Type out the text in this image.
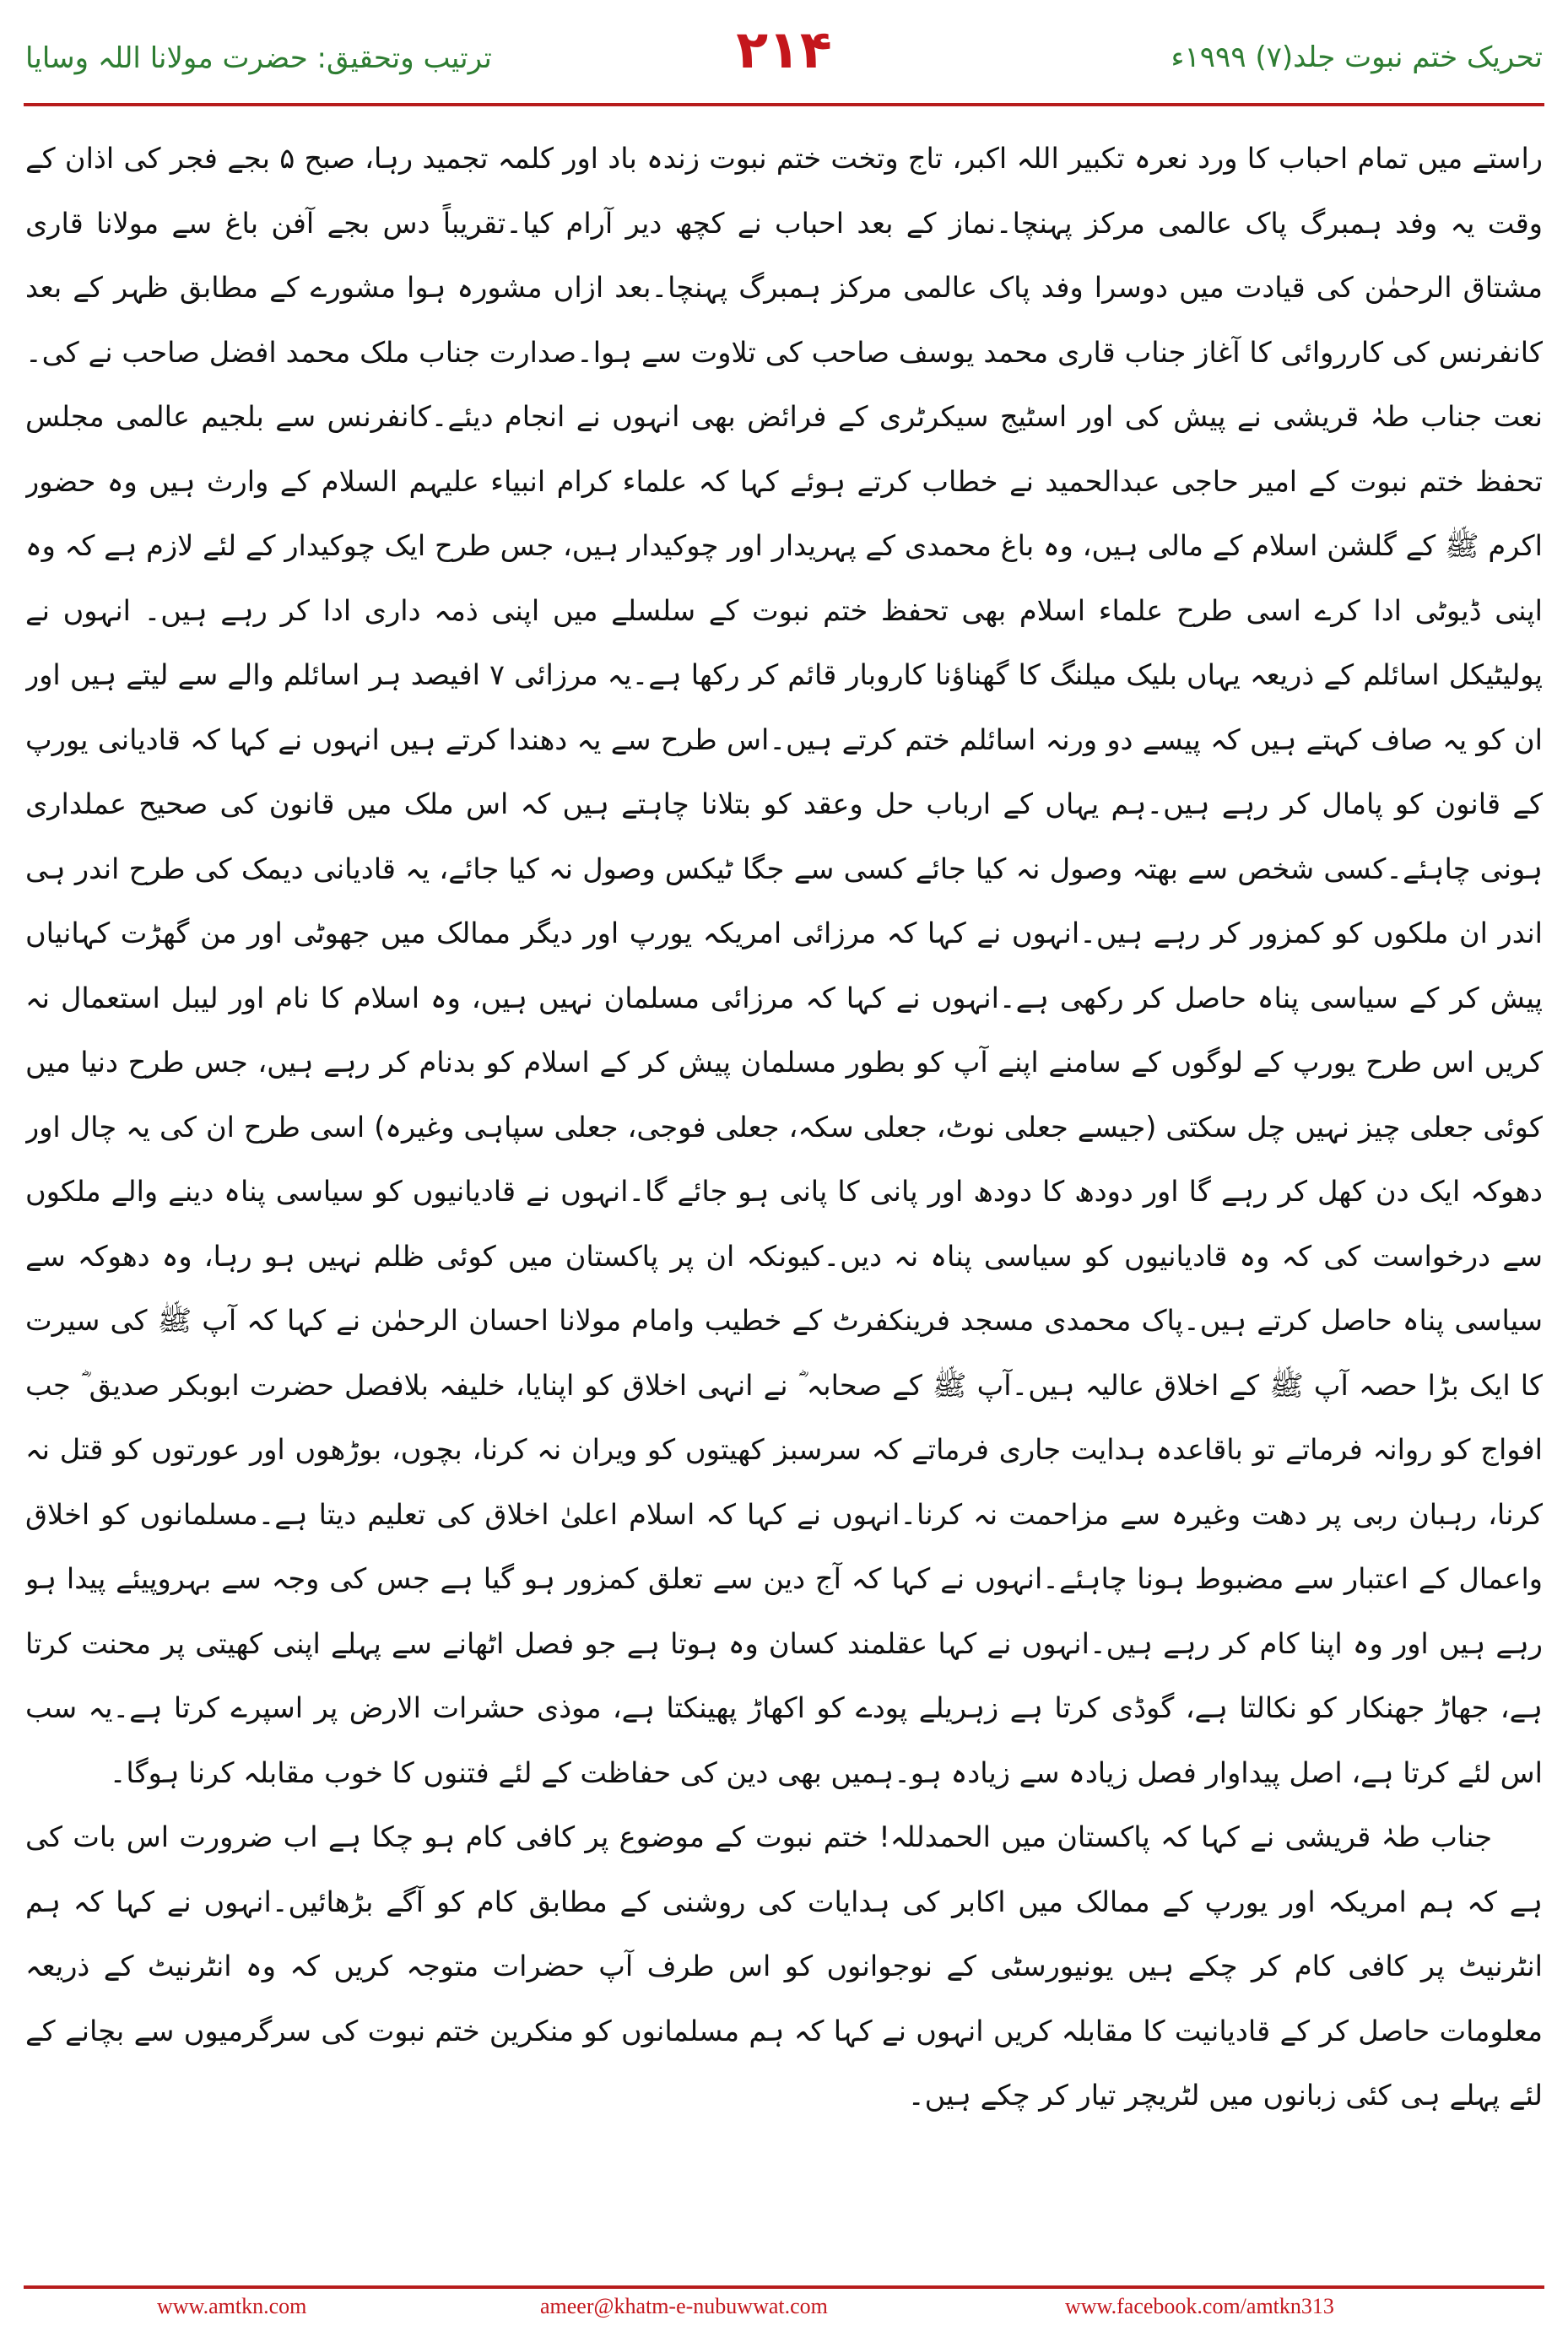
ترتیب وتحقیق: حضرت مولانا اللہ وسایا	۲۱۴	تحریک ختم نبوت جلد(۷) ۱۹۹۹ء

راستے میں تمام احباب کا ورد نعرہ تکبیر اللہ اکبر، تاج وتخت ختم نبوت زندہ باد اور کلمہ تجمید رہا، صبح ۵ بجے فجر کی اذان کے وقت یہ وفد ہمبرگ پاک عالمی مرکز پہنچا۔نماز کے بعد احباب نے کچھ دیر آرام کیا۔تقریباً دس بجے آفن باغ سے مولانا قاری مشتاق الرحمٰن کی قیادت میں دوسرا وفد پاک عالمی مرکز ہمبرگ پہنچا۔بعد ازاں مشورہ ہوا مشورے کے مطابق ظہر کے بعد کانفرنس کی کارروائی کا آغاز جناب قاری محمد یوسف صاحب کی تلاوت سے ہوا۔صدارت جناب ملک محمد افضل صاحب نے کی۔نعت جناب طہٰ قریشی نے پیش کی اور اسٹیج سیکرٹری کے فرائض بھی انہوں نے انجام دیئے۔کانفرنس سے بلجیم عالمی مجلس تحفظ ختم نبوت کے امیر حاجی عبدالحمید نے خطاب کرتے ہوئے کہا کہ علماء کرام انبیاء علیہم السلام کے وارث ہیں وہ حضور اکرم ﷺ کے گلشن اسلام کے مالی ہیں، وہ باغ محمدی کے پہریدار اور چوکیدار ہیں، جس طرح ایک چوکیدار کے لئے لازم ہے کہ وہ اپنی ڈیوٹی ادا کرے اسی طرح علماء اسلام بھی تحفظ ختم نبوت کے سلسلے میں اپنی ذمہ داری ادا کر رہے ہیں۔ انہوں نے پولیٹیکل اسائلم کے ذریعہ یہاں بلیک میلنگ کا گھناؤنا کاروبار قائم کر رکھا ہے۔یہ مرزائی ۷ افیصد ہر اسائلم والے سے لیتے ہیں اور ان کو یہ صاف کہتے ہیں کہ پیسے دو ورنہ اسائلم ختم کرتے ہیں۔اس طرح سے یہ دھندا کرتے ہیں انہوں نے کہا کہ قادیانی یورپ کے قانون کو پامال کر رہے ہیں۔ہم یہاں کے ارباب حل وعقد کو بتلانا چاہتے ہیں کہ اس ملک میں قانون کی صحیح عملداری ہونی چاہئے۔کسی شخص سے بھتہ وصول نہ کیا جائے کسی سے جگا ٹیکس وصول نہ کیا جائے، یہ قادیانی دیمک کی طرح اندر ہی اندر ان ملکوں کو کمزور کر رہے ہیں۔انہوں نے کہا کہ مرزائی امریکہ یورپ اور دیگر ممالک میں جھوٹی اور من گھڑت کہانیاں پیش کر کے سیاسی پناہ حاصل کر رکھی ہے۔انہوں نے کہا کہ مرزائی مسلمان نہیں ہیں، وہ اسلام کا نام اور لیبل استعمال نہ کریں اس طرح یورپ کے لوگوں کے سامنے اپنے آپ کو بطور مسلمان پیش کر کے اسلام کو بدنام کر رہے ہیں، جس طرح دنیا میں کوئی جعلی چیز نہیں چل سکتی (جیسے جعلی نوٹ، جعلی سکہ، جعلی فوجی، جعلی سپاہی وغیرہ) اسی طرح ان کی یہ چال اور دھوکہ ایک دن کھل کر رہے گا اور دودھ کا دودھ اور پانی کا پانی ہو جائے گا۔انہوں نے قادیانیوں کو سیاسی پناہ دینے والے ملکوں سے درخواست کی کہ وہ قادیانیوں کو سیاسی پناہ نہ دیں۔کیونکہ ان پر پاکستان میں کوئی ظلم نہیں ہو رہا، وہ دھوکہ سے سیاسی پناہ حاصل کرتے ہیں۔پاک محمدی مسجد فرینکفرٹ کے خطیب وامام مولانا احسان الرحمٰن نے کہا کہ آپ ﷺ کی سیرت کا ایک بڑا حصہ آپ ﷺ کے اخلاق عالیہ ہیں۔آپ ﷺ کے صحابہ ؓ نے انہی اخلاق کو اپنایا، خلیفہ بلافصل حضرت ابوبکر صدیق ؓ جب افواج کو روانہ فرماتے تو باقاعدہ ہدایت جاری فرماتے کہ سرسبز کھیتوں کو ویران نہ کرنا، بچوں، بوڑھوں اور عورتوں کو قتل نہ کرنا، رہبان ربی پر دھت وغیرہ سے مزاحمت نہ کرنا۔انہوں نے کہا کہ اسلام اعلیٰ اخلاق کی تعلیم دیتا ہے۔مسلمانوں کو اخلاق واعمال کے اعتبار سے مضبوط ہونا چاہئے۔انہوں نے کہا کہ آج دین سے تعلق کمزور ہو گیا ہے جس کی وجہ سے بہروپیئے پیدا ہو رہے ہیں اور وہ اپنا کام کر رہے ہیں۔انہوں نے کہا عقلمند کسان وہ ہوتا ہے جو فصل اٹھانے سے پہلے اپنی کھیتی پر محنت کرتا ہے، جھاڑ جھنکار کو نکالتا ہے، گوڈی کرتا ہے زہریلے پودے کو اکھاڑ پھینکتا ہے، موذی حشرات الارض پر اسپرے کرتا ہے۔یہ سب اس لئے کرتا ہے، اصل پیداوار فصل زیادہ سے زیادہ ہو۔ہمیں بھی دین کی حفاظت کے لئے فتنوں کا خوب مقابلہ کرنا ہوگا۔

جناب طہٰ قریشی نے کہا کہ پاکستان میں الحمدللہ! ختم نبوت کے موضوع پر کافی کام ہو چکا ہے اب ضرورت اس بات کی ہے کہ ہم امریکہ اور یورپ کے ممالک میں اکابر کی ہدایات کی روشنی کے مطابق کام کو آگے بڑھائیں۔انہوں نے کہا کہ ہم انٹرنیٹ پر کافی کام کر چکے ہیں یونیورسٹی کے نوجوانوں کو اس طرف آپ حضرات متوجہ کریں کہ وہ انٹرنیٹ کے ذریعہ معلومات حاصل کر کے قادیانیت کا مقابلہ کریں انہوں نے کہا کہ ہم مسلمانوں کو منکرین ختم نبوت کی سرگرمیوں سے بچانے کے لئے پہلے ہی کئی زبانوں میں لٹریچر تیار کر چکے ہیں۔

www.amtkn.com	ameer@khatm-e-nubuwwat.com	www.facebook.com/amtkn313
